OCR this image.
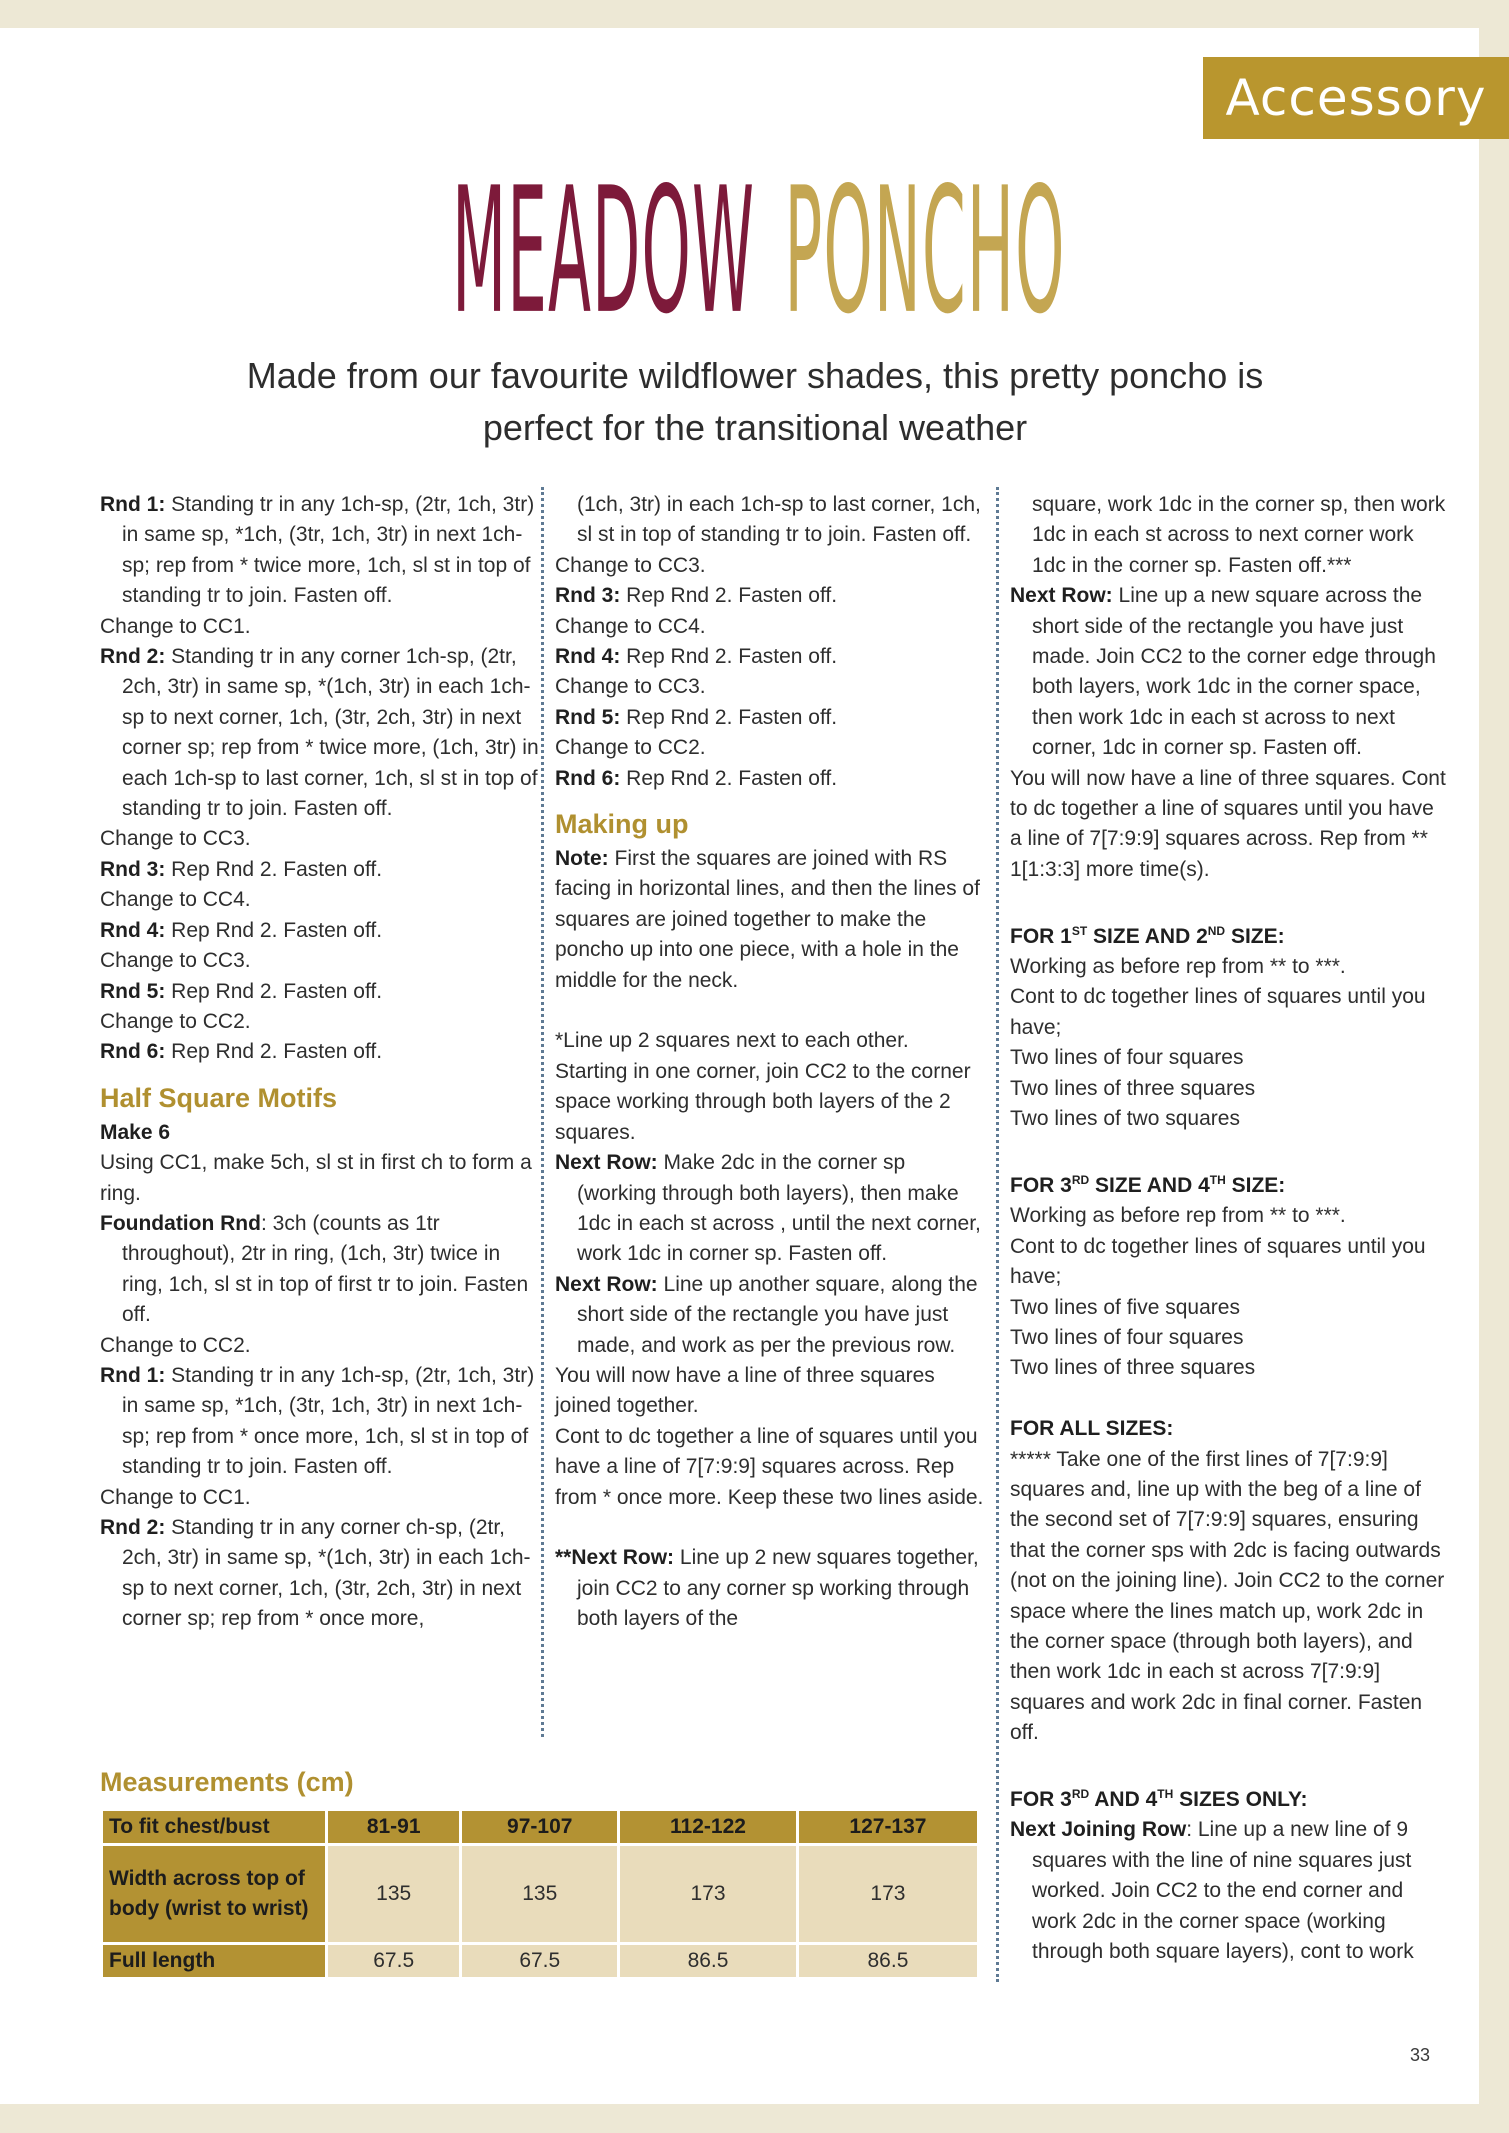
Accessory
MEADOW PONCHO
Made from our favourite wildflower shades, this pretty poncho is
perfect for the transitional weather

Rnd 1: Standing tr in any 1ch-sp, (2tr, 1ch, 3tr) in same sp, *1ch, (3tr, 1ch, 3tr) in next 1ch-sp; rep from * twice more, 1ch, sl st in top of standing tr to join. Fasten off.

Change to CC1.

Rnd 2: Standing tr in any corner 1ch-sp, (2tr, 2ch, 3tr) in same sp, *(1ch, 3tr) in each 1ch-sp to next corner, 1ch, (3tr, 2ch, 3tr) in next corner sp; rep from * twice more, (1ch, 3tr) in each 1ch-sp to last corner, 1ch, sl st in top of standing tr to join. Fasten off.

Change to CC3.

Rnd 3: Rep Rnd 2. Fasten off.

Change to CC4.

Rnd 4: Rep Rnd 2. Fasten off.

Change to CC3.

Rnd 5: Rep Rnd 2. Fasten off.

Change to CC2.

Rnd 6: Rep Rnd 2. Fasten off.

Half Square Motifs

Make 6

Using CC1, make 5ch, sl st in first ch to form a ring.

Foundation Rnd: 3ch (counts as 1tr throughout), 2tr in ring, (1ch, 3tr) twice in ring, 1ch, sl st in top of first tr to join. Fasten off.

Change to CC2.

Rnd 1: Standing tr in any 1ch-sp, (2tr, 1ch, 3tr) in same sp, *1ch, (3tr, 1ch, 3tr) in next 1ch-sp; rep from * once more, 1ch, sl st in top of standing tr to join. Fasten off.

Change to CC1.

Rnd 2: Standing tr in any corner ch-sp, (2tr, 2ch, 3tr) in same sp, *(1ch, 3tr) in each 1ch-sp to next corner, 1ch, (3tr, 2ch, 3tr) in next corner sp; rep from * once more,

(1ch, 3tr) in each 1ch-sp to last corner, 1ch, sl st in top of standing tr to join. Fasten off.

Change to CC3.

Rnd 3: Rep Rnd 2. Fasten off.

Change to CC4.

Rnd 4: Rep Rnd 2. Fasten off.

Change to CC3.

Rnd 5: Rep Rnd 2. Fasten off.

Change to CC2.

Rnd 6: Rep Rnd 2. Fasten off.

Making up

Note: First the squares are joined with RS facing in horizontal lines, and then the lines of squares are joined together to make the poncho up into one piece, with a hole in the middle for the neck.

*Line up 2 squares next to each other. Starting in one corner, join CC2 to the corner space working through both layers of the 2 squares.

Next Row: Make 2dc in the corner sp (working through both layers), then make 1dc in each st across , until the next corner, work 1dc in corner sp. Fasten off.

Next Row: Line up another square, along the short side of the rectangle you have just made, and work as per the previous row.

You will now have a line of three squares joined together.

Cont to dc together a line of squares until you have a line of 7[7:9:9] squares across. Rep from * once more. Keep these two lines aside.

**Next Row: Line up 2 new squares together, join CC2 to any corner sp working through both layers of the

square, work 1dc in the corner sp, then work 1dc in each st across to next corner work 1dc in the corner sp. Fasten off.***

Next Row: Line up a new square across the short side of the rectangle you have just made. Join CC2 to the corner edge through both layers, work 1dc in the corner space, then work 1dc in each st across to next corner, 1dc in corner sp. Fasten off.

You will now have a line of three squares. Cont to dc together a line of squares until you have a line of 7[7:9:9] squares across. Rep from ** 1[1:3:3] more time(s).

FOR 1ST SIZE AND 2ND SIZE:

Working as before rep from ** to ***.

Cont to dc together lines of squares until you have;

Two lines of four squares

Two lines of three squares

Two lines of two squares

FOR 3RD SIZE AND 4TH SIZE:

Working as before rep from ** to ***.

Cont to dc together lines of squares until you have;

Two lines of five squares

Two lines of four squares

Two lines of three squares

FOR ALL SIZES:

***** Take one of the first lines of 7[7:9:9] squares and, line up with the beg of a line of the second set of 7[7:9:9] squares, ensuring that the corner sps with 2dc is facing outwards (not on the joining line). Join CC2 to the corner space where the lines match up, work 2dc in the corner space (through both layers), and then work 1dc in each st across 7[7:9:9] squares and work 2dc in final corner. Fasten off.

FOR 3RD AND 4TH SIZES ONLY:

Next Joining Row: Line up a new line of 9 squares with the line of nine squares just worked. Join CC2 to the end corner and work 2dc in the corner space (working through both square layers), cont to work

Measurements (cm)
To fit chest/bust	81-91	97-107	112-122	127-137
Width across top of body (wrist to wrist)	135	135	173	173
Full length	67.5	67.5	86.5	86.5
33
